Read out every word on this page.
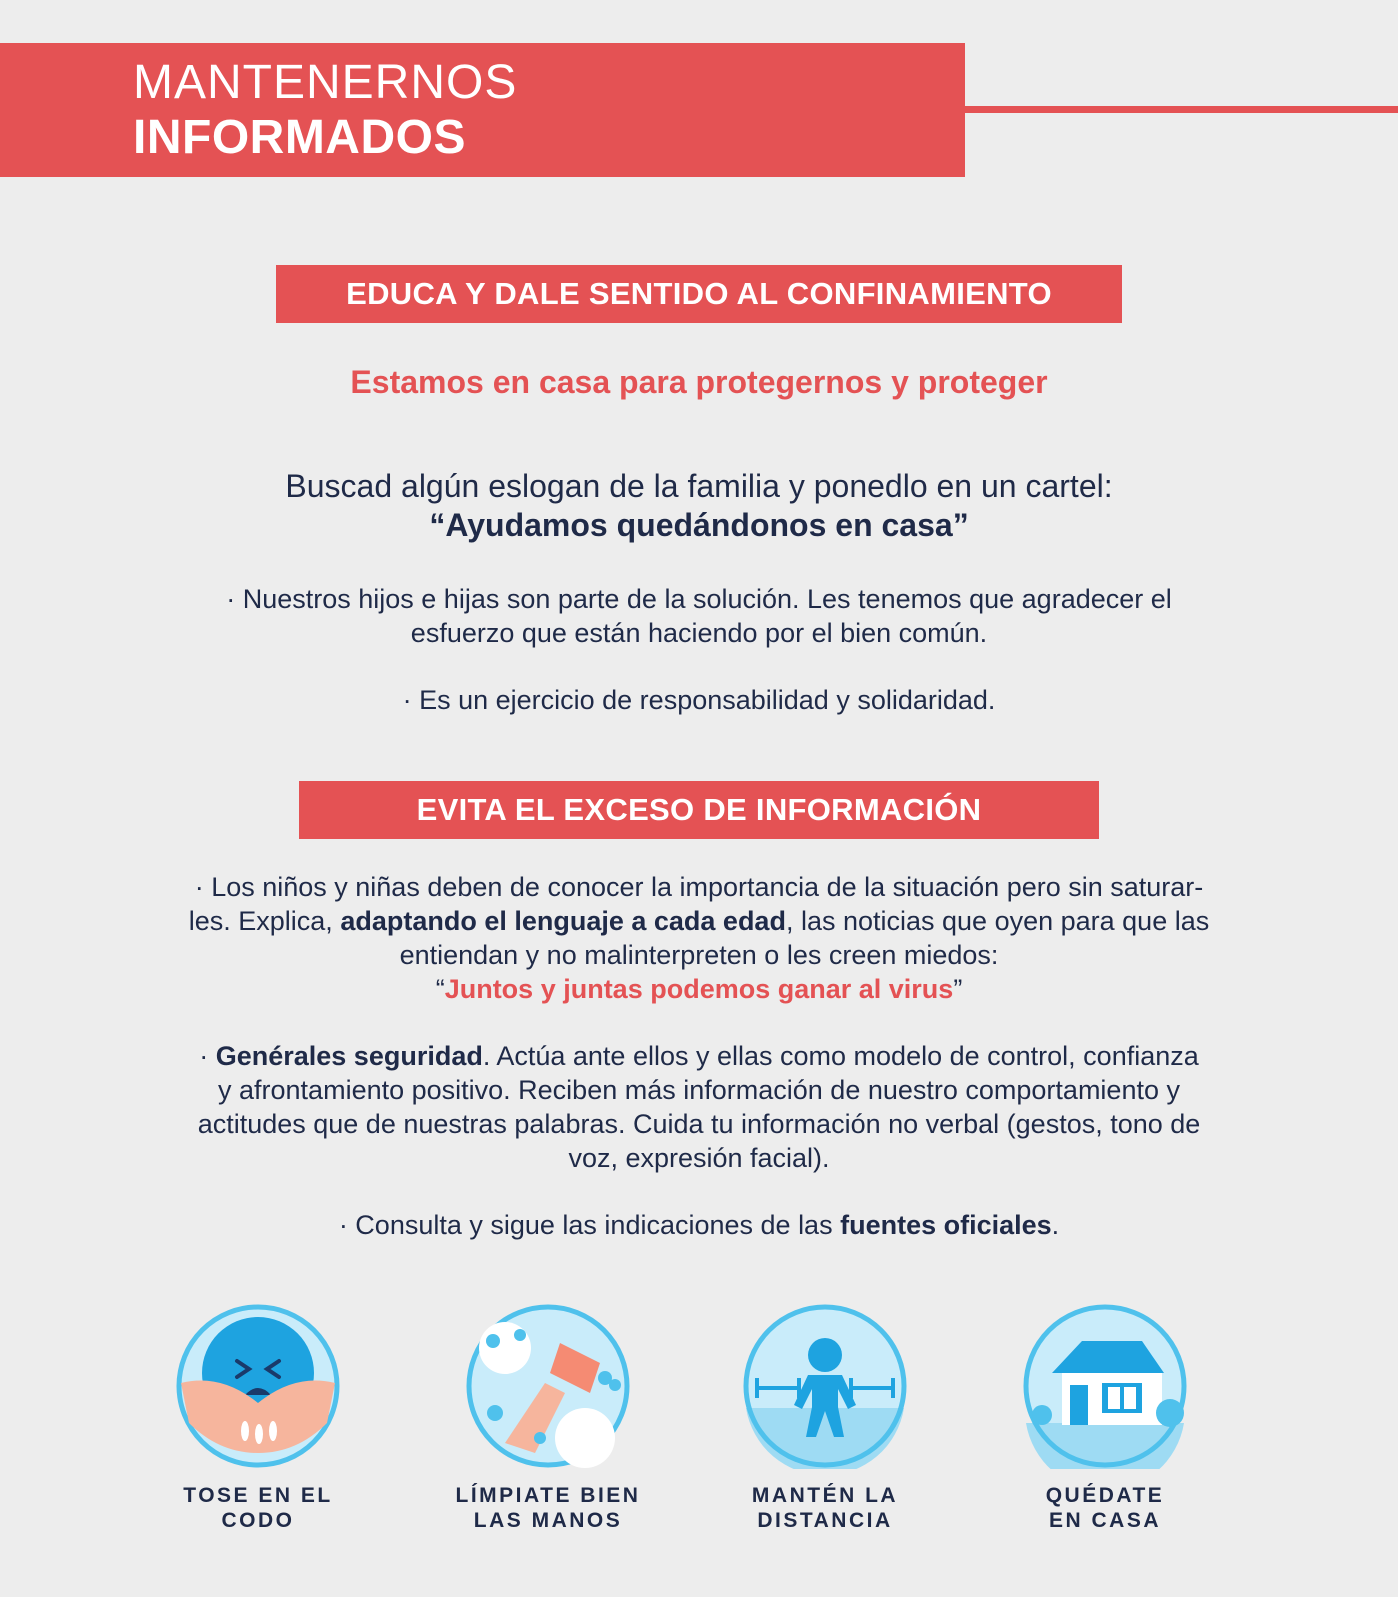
MANTENERNOS
INFORMADOS
EDUCA Y DALE SENTIDO AL CONFINAMIENTO
Estamos en casa para protegernos y proteger
Buscad algún eslogan de la familia y ponedlo en un cartel:
“Ayudamos quedándonos en casa”
· Nuestros hijos e hijas son parte de la solución. Les tenemos que agradecer el
esfuerzo que están haciendo por el bien común.
· Es un ejercicio de responsabilidad y solidaridad.
EVITA EL EXCESO DE INFORMACIÓN
· Los niños y niñas deben de conocer la importancia de la situación pero sin saturar-
les. Explica, adaptando el lenguaje a cada edad, las noticias que oyen para que las
entiendan y no malinterpreten o les creen miedos:
“Juntos y juntas podemos ganar al virus”
· Genérales seguridad. Actúa ante ellos y ellas como modelo de control, confianza
y afrontamiento positivo. Reciben más información de nuestro comportamiento y
actitudes que de nuestras palabras. Cuida tu información no verbal (gestos, tono de
voz, expresión facial).
· Consulta y sigue las indicaciones de las fuentes oficiales.
TOSE EN EL
CODO
LÍMPIATE BIEN
LAS MANOS
MANTÉN LA
DISTANCIA
QUÉDATE
EN CASA
